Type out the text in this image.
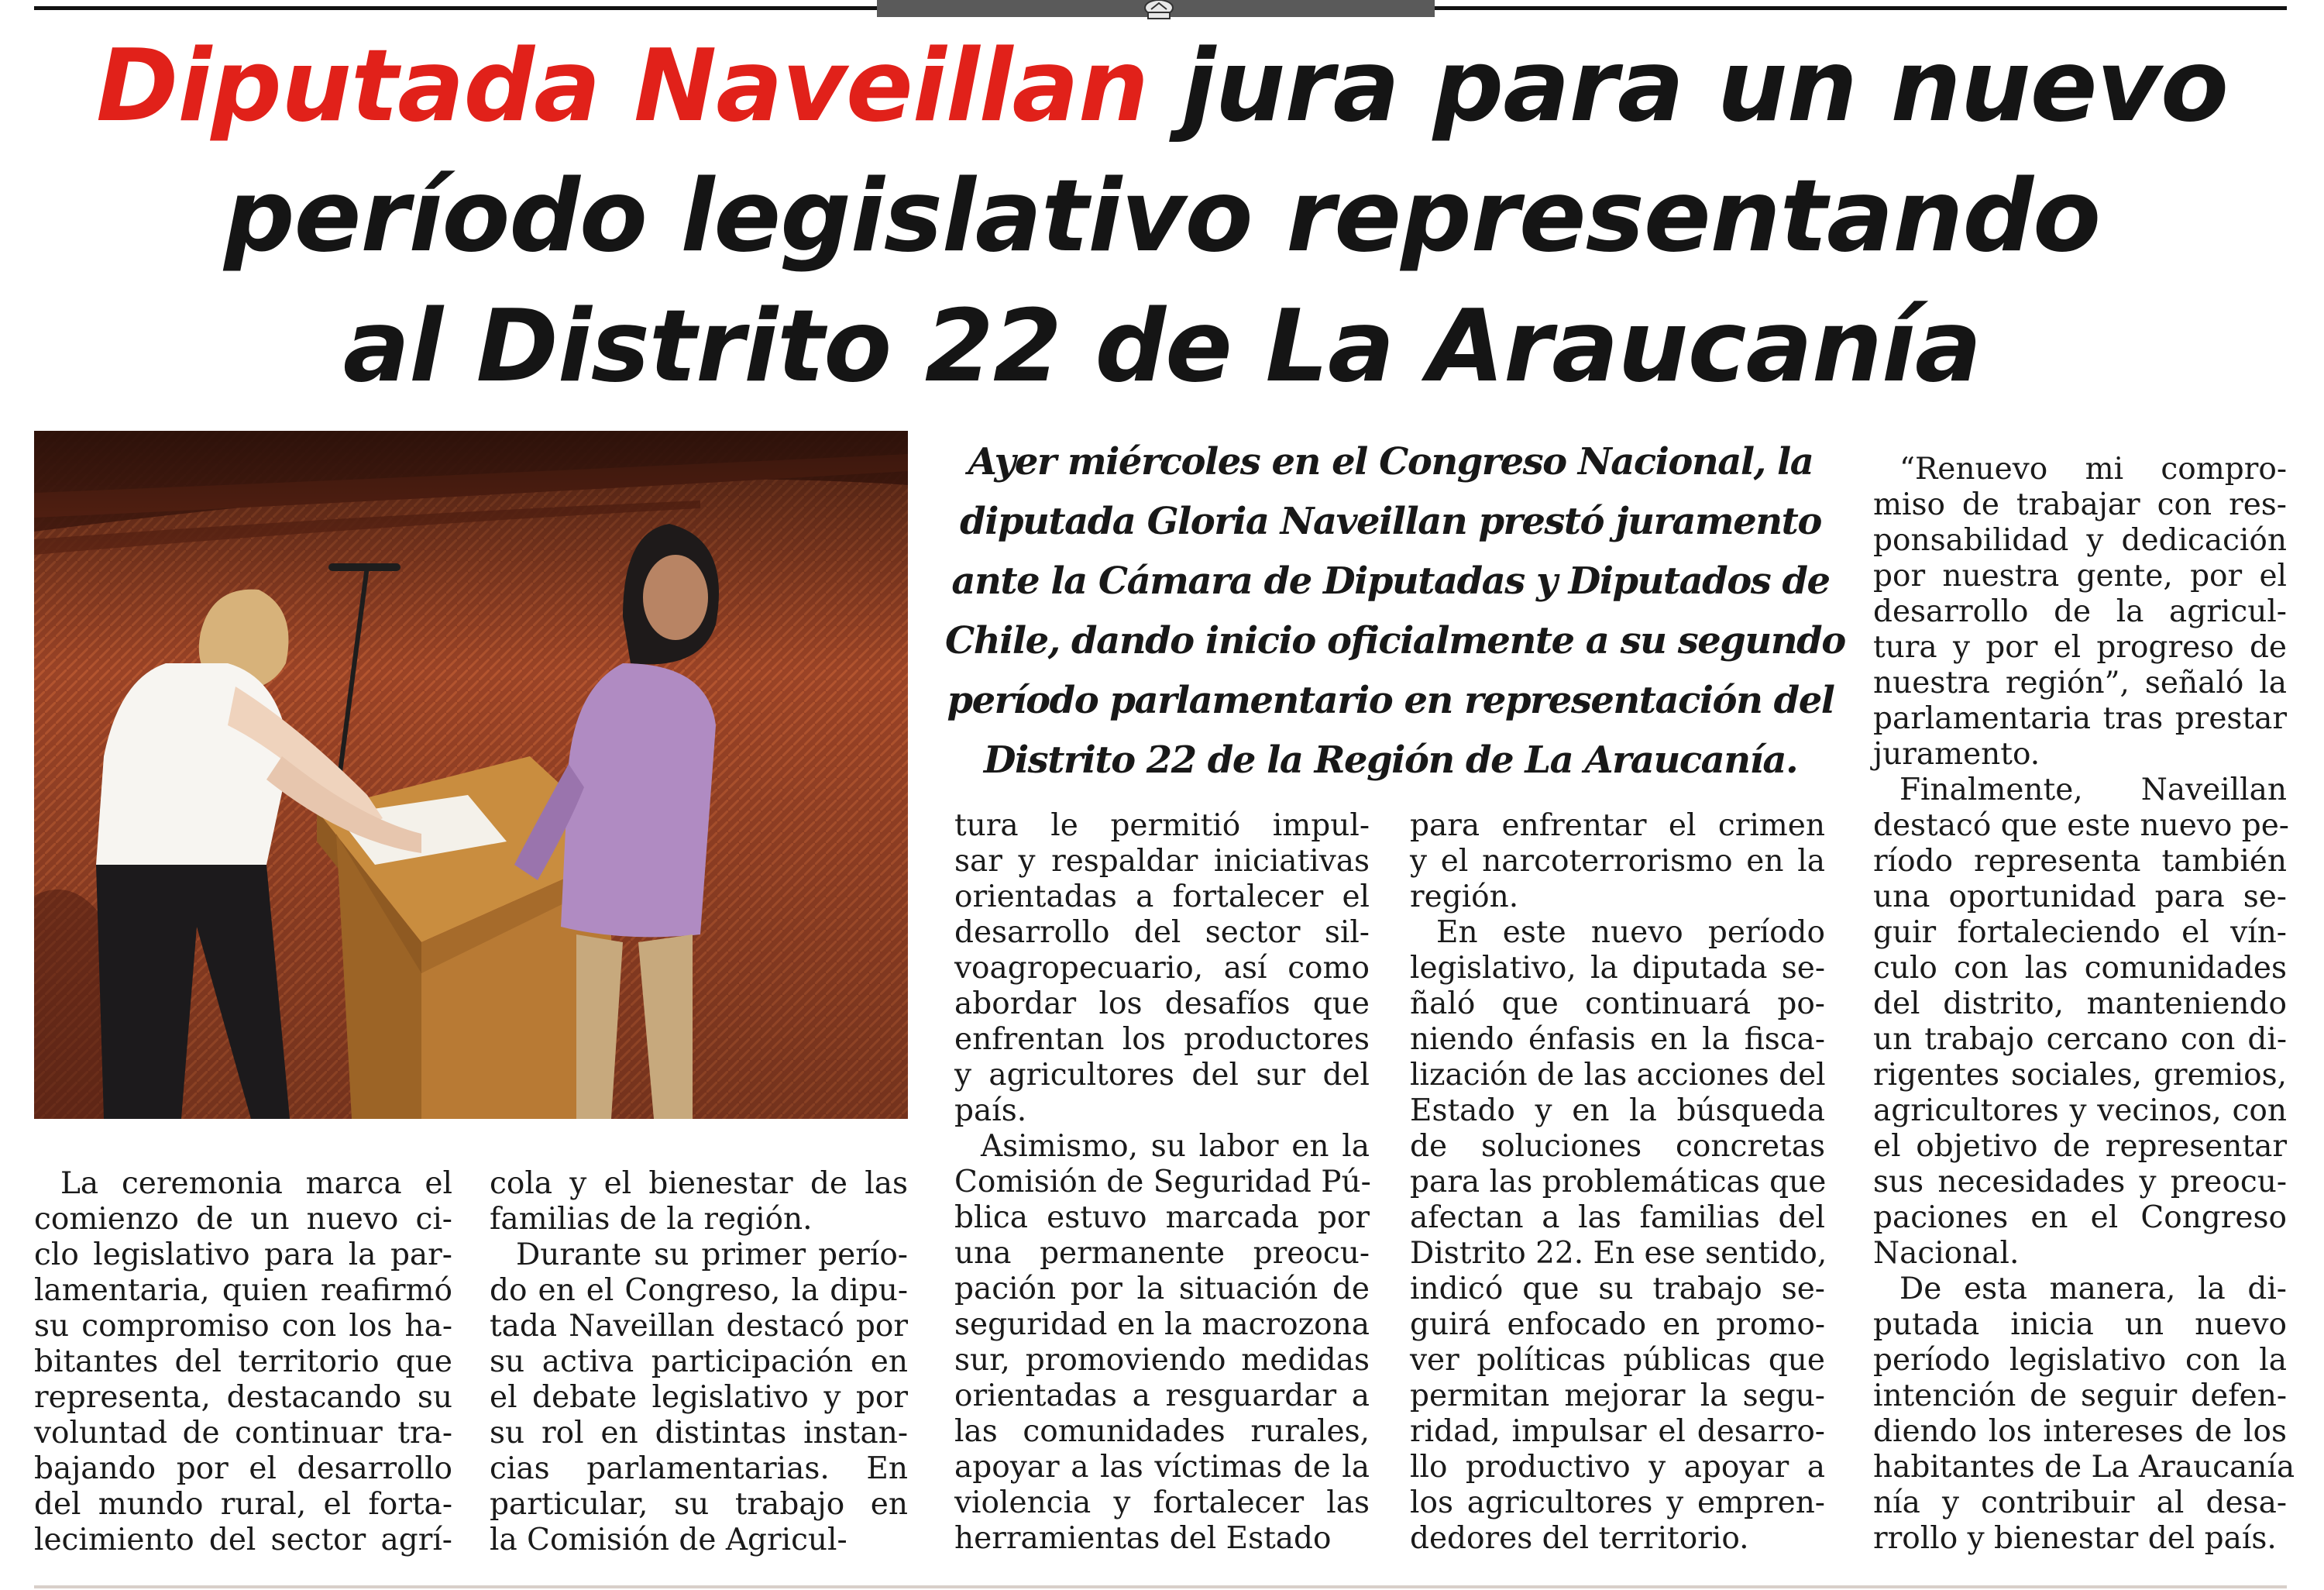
Diputada Naveillan jura para un nuevo
período legislativo representando
al Distrito 22 de La Araucanía

Ayer miércoles en el Congreso Nacional, la
diputada Gloria Naveillan prestó juramento
ante la Cámara de Diputadas y Diputados de
Chile, dando inicio oficialmente a su segundo
período parlamentario en representación del
Distrito 22 de la Región de La Araucanía.

La ceremonia marca el
comienzo de un nuevo ci-
clo legislativo para la par-
lamentaria, quien reafirmó
su compromiso con los ha-
bitantes del territorio que
representa, destacando su
voluntad de continuar tra-
bajando por el desarrollo
del mundo rural, el forta-
lecimiento del sector agrí-
cola y el bienestar de las
familias de la región.
Durante su primer perío-
do en el Congreso, la dipu-
tada Naveillan destacó por
su activa participación en
el debate legislativo y por
su rol en distintas instan-
cias parlamentarias. En
particular, su trabajo en
la Comisión de Agricul-
tura le permitió impul-
sar y respaldar iniciativas
orientadas a fortalecer el
desarrollo del sector sil-
voagropecuario, así como
abordar los desafíos que
enfrentan los productores
y agricultores del sur del
país.
Asimismo, su labor en la
Comisión de Seguridad Pú-
blica estuvo marcada por
una permanente preocu-
pación por la situación de
seguridad en la macrozona
sur, promoviendo medidas
orientadas a resguardar a
las comunidades rurales,
apoyar a las víctimas de la
violencia y fortalecer las
herramientas del Estado
para enfrentar el crimen
y el narcoterrorismo en la
región.
En este nuevo período
legislativo, la diputada se-
ñaló que continuará po-
niendo énfasis en la fisca-
lización de las acciones del
Estado y en la búsqueda
de soluciones concretas
para las problemáticas que
afectan a las familias del
Distrito 22. En ese sentido,
indicó que su trabajo se-
guirá enfocado en promo-
ver políticas públicas que
permitan mejorar la segu-
ridad, impulsar el desarro-
llo productivo y apoyar a
los agricultores y empren-
dedores del territorio.
“Renuevo mi compro-
miso de trabajar con res-
ponsabilidad y dedicación
por nuestra gente, por el
desarrollo de la agricul-
tura y por el progreso de
nuestra región”, señaló la
parlamentaria tras prestar
juramento.
Finalmente, Naveillan
destacó que este nuevo pe-
ríodo representa también
una oportunidad para se-
guir fortaleciendo el vín-
culo con las comunidades
del distrito, manteniendo
un trabajo cercano con di-
rigentes sociales, gremios,
agricultores y vecinos, con
el objetivo de representar
sus necesidades y preocu-
paciones en el Congreso
Nacional.
De esta manera, la di-
putada inicia un nuevo
período legislativo con la
intención de seguir defen-
diendo los intereses de los
habitantes de La Araucanía
nía y contribuir al desa-
rrollo y bienestar del país.
